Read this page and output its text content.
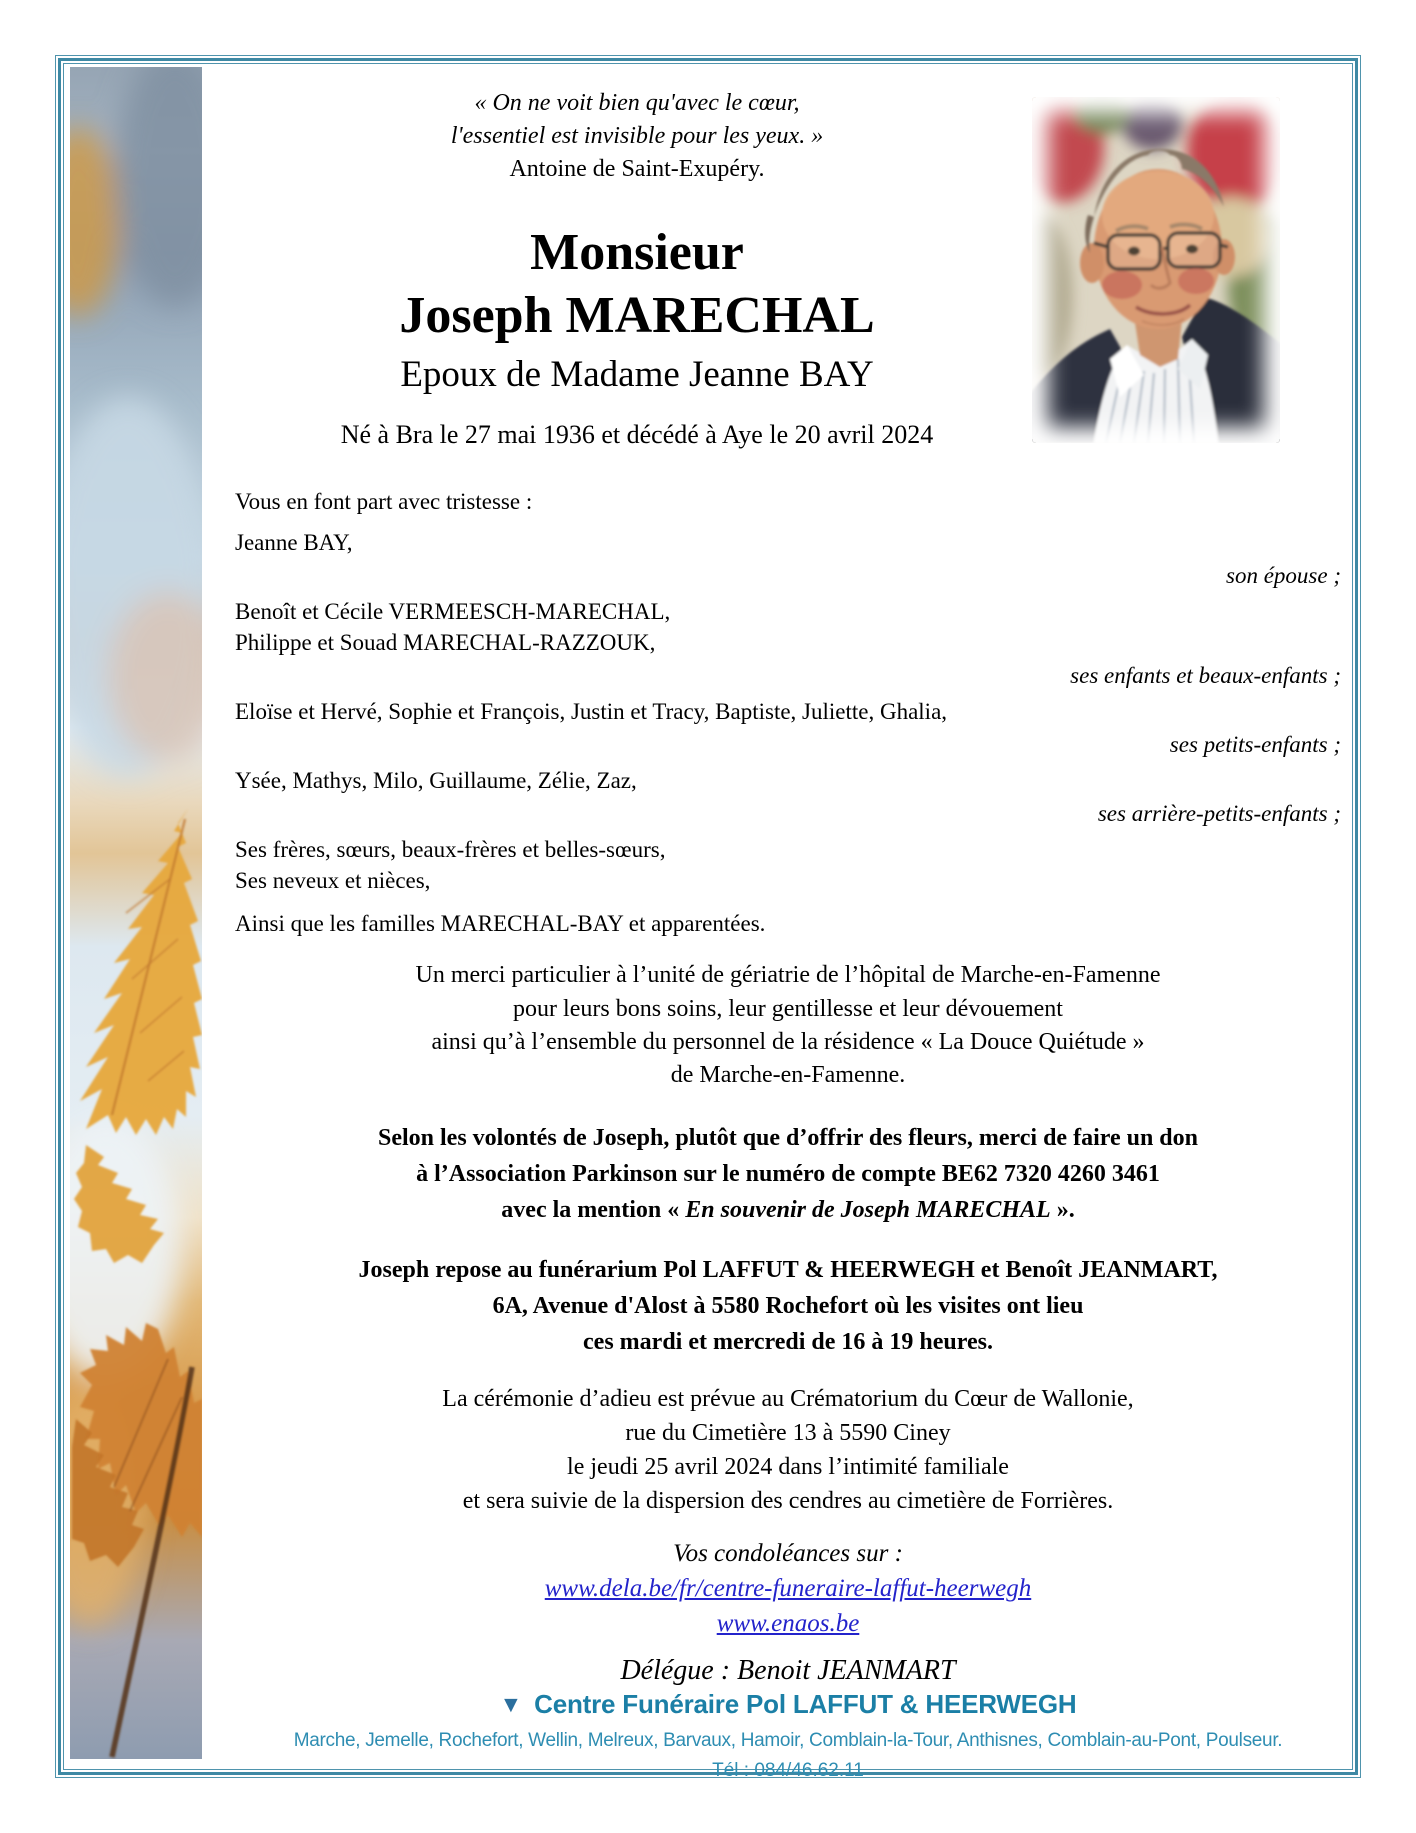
« On ne voit bien qu'avec le cœur,
l'essentiel est invisible pour les yeux. »
Antoine de Saint-Exupéry.
Monsieur
Joseph MARECHAL
Epoux de Madame Jeanne BAY
Né à Bra le 27 mai 1936 et décédé à Aye le 20 avril 2024
Vous en font part avec tristesse :
Jeanne BAY,
son épouse ;
Benoît et Cécile VERMEESCH-MARECHAL,
Philippe et Souad MARECHAL-RAZZOUK,
ses enfants et beaux-enfants ;
Eloïse et Hervé, Sophie et François, Justin et Tracy, Baptiste, Juliette, Ghalia,
ses petits-enfants ;
Ysée, Mathys, Milo, Guillaume, Zélie, Zaz,
ses arrière-petits-enfants ;
Ses frères, sœurs, beaux-frères et belles-sœurs,
Ses neveux et nièces,
Ainsi que les familles MARECHAL-BAY et apparentées.
Un merci particulier à l’unité de gériatrie de l’hôpital de Marche-en-Famenne
pour leurs bons soins, leur gentillesse et leur dévouement
ainsi qu’à l’ensemble du personnel de la résidence « La Douce Quiétude »
de Marche-en-Famenne.
Selon les volontés de Joseph, plutôt que d’offrir des fleurs, merci de faire un don
à l’Association Parkinson sur le numéro de compte BE62 7320 4260 3461
avec la mention « En souvenir de Joseph MARECHAL ».
Joseph repose au funérarium Pol LAFFUT & HEERWEGH et Benoît JEANMART,
6A, Avenue d'Alost à 5580 Rochefort où les visites ont lieu
ces mardi et mercredi de 16 à 19 heures.
La cérémonie d’adieu est prévue au Crématorium du Cœur de Wallonie,
rue du Cimetière 13 à 5590 Ciney
le jeudi 25 avril 2024 dans l’intimité familiale
et sera suivie de la dispersion des cendres au cimetière de Forrières.
Vos condoléances sur :
www.dela.be/fr/centre-funeraire-laffut-heerwegh
www.enaos.be
Délégue : Benoit JEANMART
▼ Centre Funéraire Pol LAFFUT & HEERWEGH
Marche, Jemelle, Rochefort, Wellin, Melreux, Barvaux, Hamoir, Comblain-la-Tour, Anthisnes, Comblain-au-Pont, Poulseur.
Tél : 084/46.62.11
